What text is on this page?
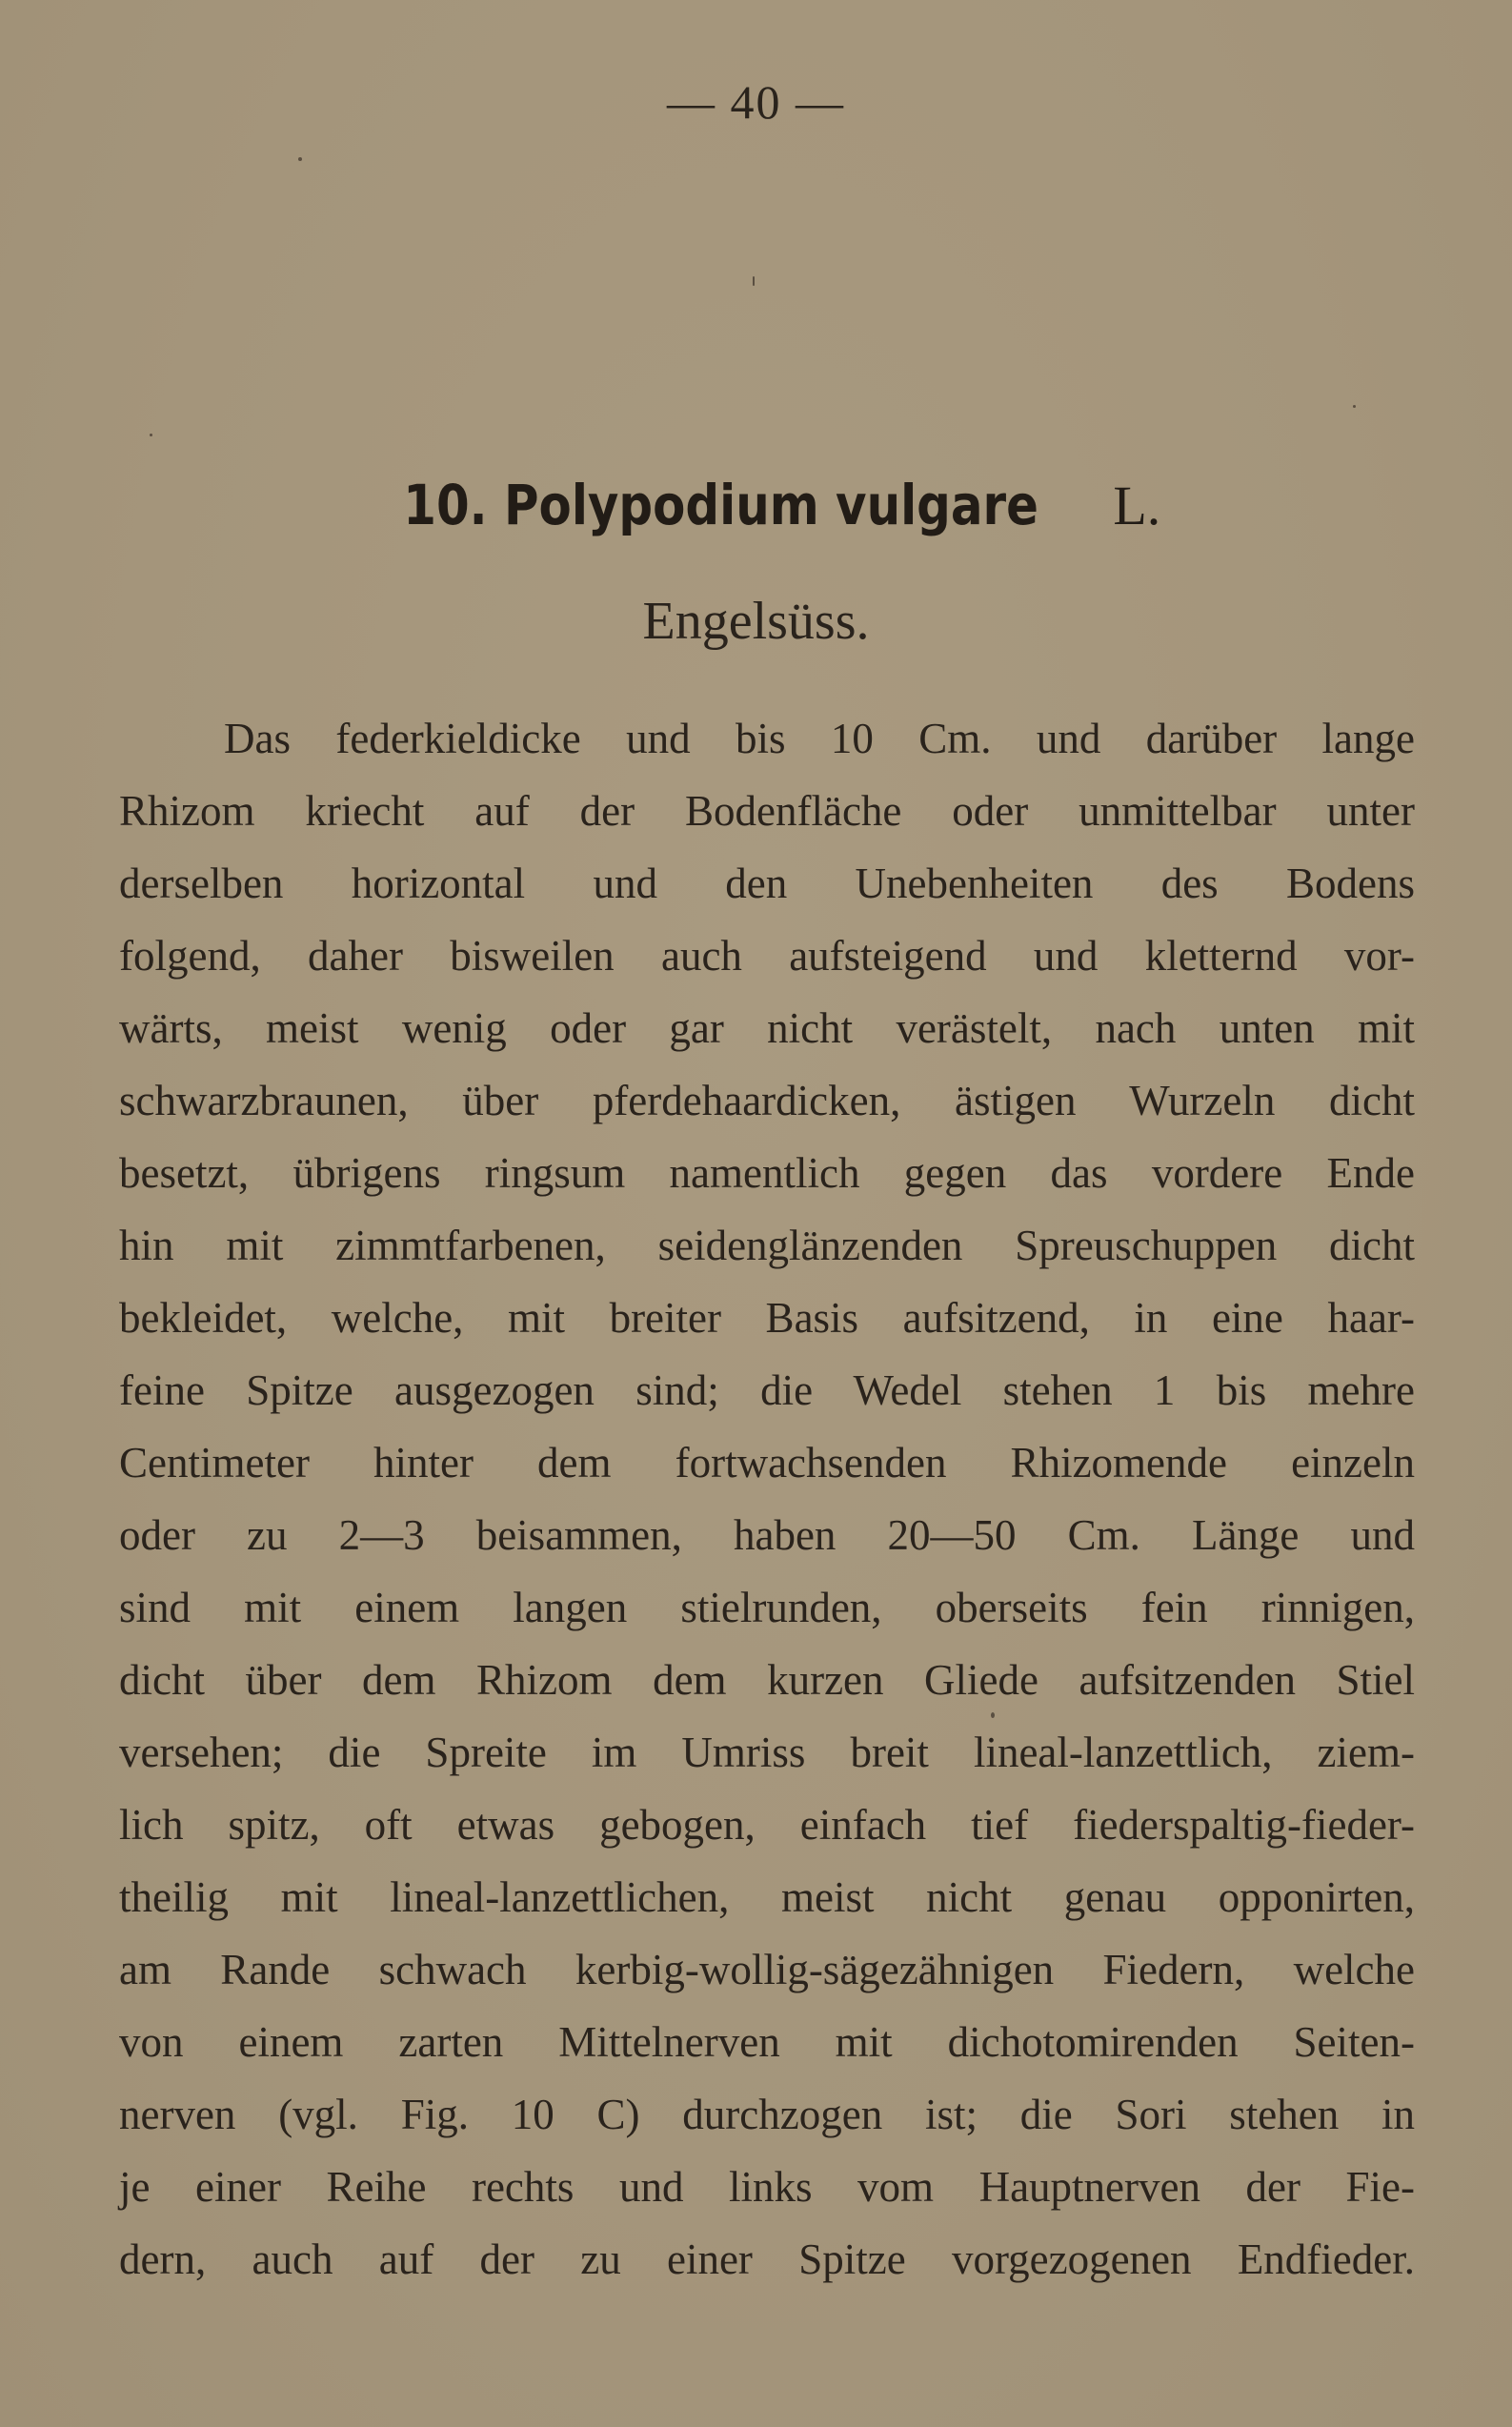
— 40 —
10. Polypodium vulgare L.
Engelsüss.
Das federkieldicke und bis 10 Cm. und darüber lange
Rhizom kriecht auf der Bodenfläche oder unmittelbar unter
derselben horizontal und den Unebenheiten des Bodens
folgend, daher bisweilen auch aufsteigend und kletternd vor-
wärts, meist wenig oder gar nicht verästelt, nach unten mit
schwarzbraunen, über pferdehaardicken, ästigen Wurzeln dicht
besetzt, übrigens ringsum namentlich gegen das vordere Ende
hin mit zimmtfarbenen, seidenglänzenden Spreuschuppen dicht
bekleidet, welche, mit breiter Basis aufsitzend, in eine haar-
feine Spitze ausgezogen sind; die Wedel stehen 1 bis mehre
Centimeter hinter dem fortwachsenden Rhizomende einzeln
oder zu 2—3 beisammen, haben 20—50 Cm. Länge und
sind mit einem langen stielrunden, oberseits fein rinnigen,
dicht über dem Rhizom dem kurzen Gliede aufsitzenden Stiel
versehen; die Spreite im Umriss breit lineal-lanzettlich, ziem-
lich spitz, oft etwas gebogen, einfach tief fiederspaltig-fieder-
theilig mit lineal-lanzettlichen, meist nicht genau opponirten,
am Rande schwach kerbig-wollig-sägezähnigen Fiedern, welche
von einem zarten Mittelnerven mit dichotomirenden Seiten-
nerven (vgl. Fig. 10 C) durchzogen ist; die Sori stehen in
je einer Reihe rechts und links vom Hauptnerven der Fie-
dern, auch auf der zu einer Spitze vorgezogenen Endfieder.
